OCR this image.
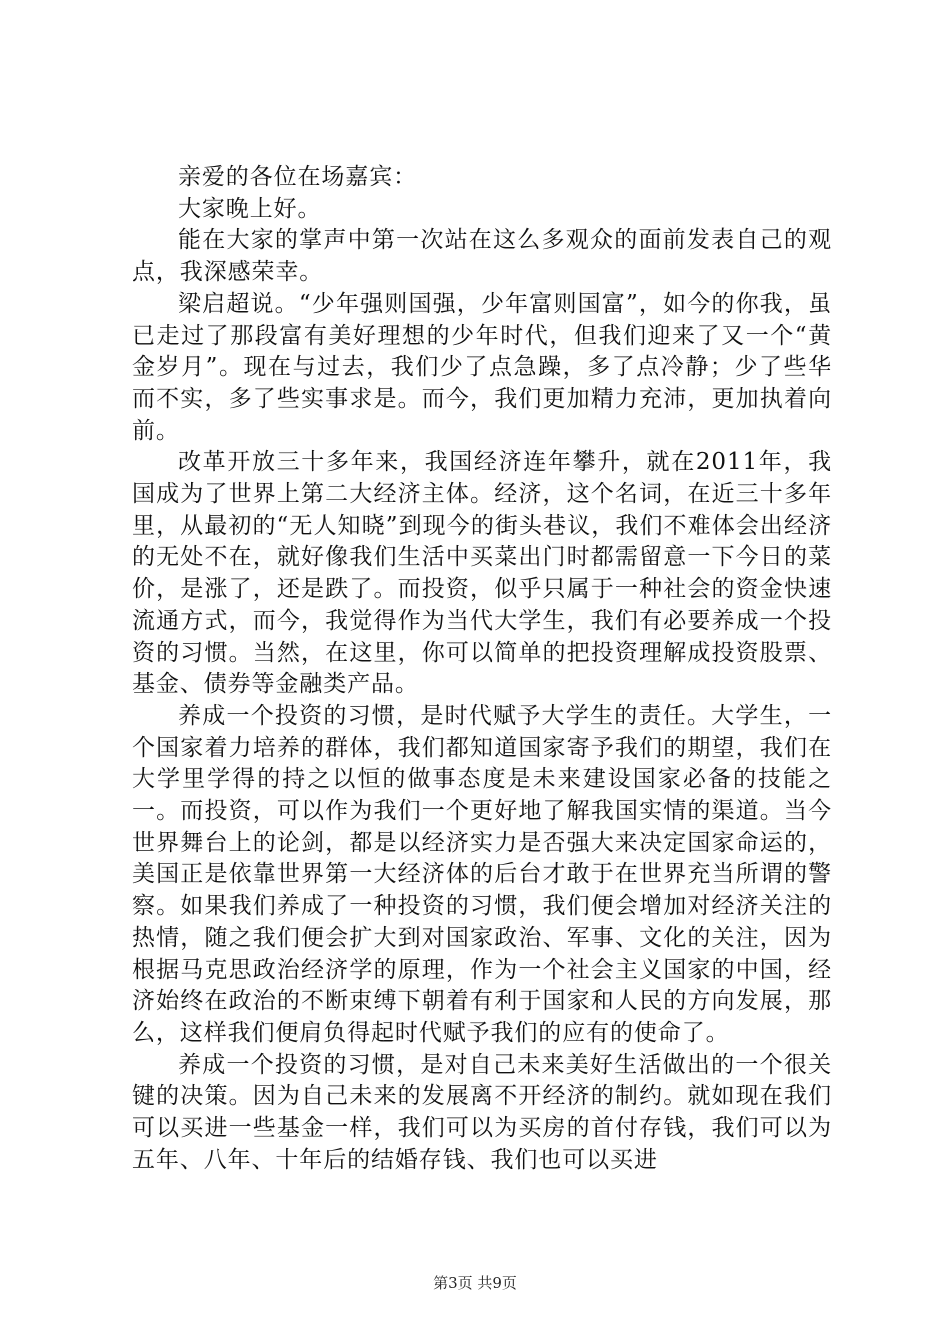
亲爱的各位在场嘉宾：

大家晚上好。

能在大家的掌声中第一次站在这么多观众的面前发表自己的观点，我深感荣幸。

梁启超说。“少年强则国强，少年富则国富”，如今的你我，虽已走过了那段富有美好理想的少年时代，但我们迎来了又一个“黄金岁月”。现在与过去，我们少了点急躁，多了点冷静；少了些华而不实，多了些实事求是。而今，我们更加精力充沛，更加执着向前。

改革开放三十多年来，我国经济连年攀升，就在2011年，我国成为了世界上第二大经济主体。经济，这个名词，在近三十多年里，从最初的“无人知晓”到现今的街头巷议，我们不难体会出经济的无处不在，就好像我们生活中买菜出门时都需留意一下今日的菜价，是涨了，还是跌了。而投资，似乎只属于一种社会的资金快速流通方式，而今，我觉得作为当代大学生，我们有必要养成一个投资的习惯。当然，在这里，你可以简单的把投资理解成投资股票、基金、债券等金融类产品。

养成一个投资的习惯，是时代赋予大学生的责任。大学生，一个国家着力培养的群体，我们都知道国家寄予我们的期望，我们在大学里学得的持之以恒的做事态度是未来建设国家必备的技能之一。而投资，可以作为我们一个更好地了解我国实情的渠道。当今世界舞台上的论剑，都是以经济实力是否强大来决定国家命运的，美国正是依靠世界第一大经济体的后台才敢于在世界充当所谓的警察。如果我们养成了一种投资的习惯，我们便会增加对经济关注的热情，随之我们便会扩大到对国家政治、军事、文化的关注，因为根据马克思政治经济学的原理，作为一个社会主义国家的中国，经济始终在政治的不断束缚下朝着有利于国家和人民的方向发展，那么，这样我们便肩负得起时代赋予我们的应有的使命了。

养成一个投资的习惯，是对自己未来美好生活做出的一个很关键的决策。因为自己未来的发展离不开经济的制约。就如现在我们可以买进一些基金一样，我们可以为买房的首付存钱，我们可以为五年、八年、十年后的结婚存钱、我们也可以买进

第3页 共9页
